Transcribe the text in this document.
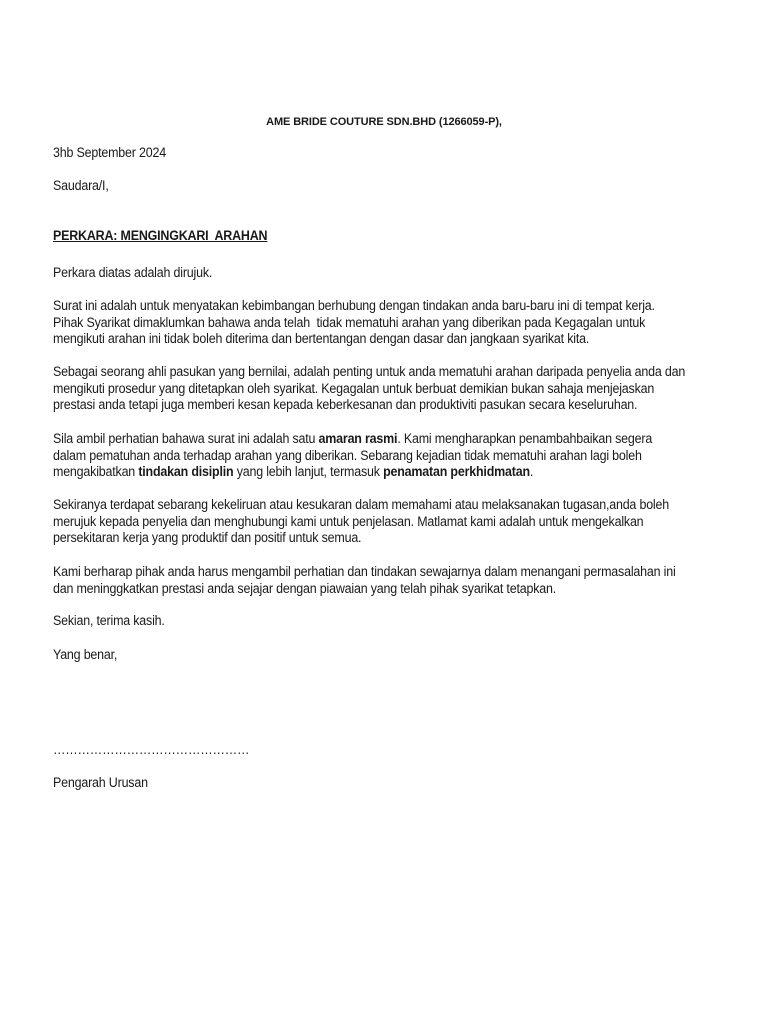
AME BRIDE COUTURE SDN.BHD (1266059-P),
3hb September 2024
Saudara/I,
PERKARA: MENGINGKARI  ARAHAN
Perkara diatas adalah dirujuk.
Surat ini adalah untuk menyatakan kebimbangan berhubung dengan tindakan anda baru-baru ini di tempat kerja. Pihak Syarikat dimaklumkan bahawa anda telah  tidak mematuhi arahan yang diberikan pada Kegagalan untuk mengikuti arahan ini tidak boleh diterima dan bertentangan dengan dasar dan jangkaan syarikat kita.
Sebagai seorang ahli pasukan yang bernilai, adalah penting untuk anda mematuhi arahan daripada penyelia anda dan mengikuti prosedur yang ditetapkan oleh syarikat. Kegagalan untuk berbuat demikian bukan sahaja menjejaskan prestasi anda tetapi juga memberi kesan kepada keberkesanan dan produktiviti pasukan secara keseluruhan.
Sila ambil perhatian bahawa surat ini adalah satu amaran rasmi. Kami mengharapkan penambahbaikan segera dalam pematuhan anda terhadap arahan yang diberikan. Sebarang kejadian tidak mematuhi arahan lagi boleh mengakibatkan tindakan disiplin yang lebih lanjut, termasuk penamatan perkhidmatan.
Sekiranya terdapat sebarang kekeliruan atau kesukaran dalam memahami atau melaksanakan tugasan,anda boleh merujuk kepada penyelia dan menghubungi kami untuk penjelasan. Matlamat kami adalah untuk mengekalkan persekitaran kerja yang produktif dan positif untuk semua.
Kami berharap pihak anda harus mengambil perhatian dan tindakan sewajarnya dalam menangani permasalahan ini dan meninggkatkan prestasi anda sejajar dengan piawaian yang telah pihak syarikat tetapkan.
Sekian, terima kasih.
Yang benar,
…………………………………………
Pengarah Urusan
